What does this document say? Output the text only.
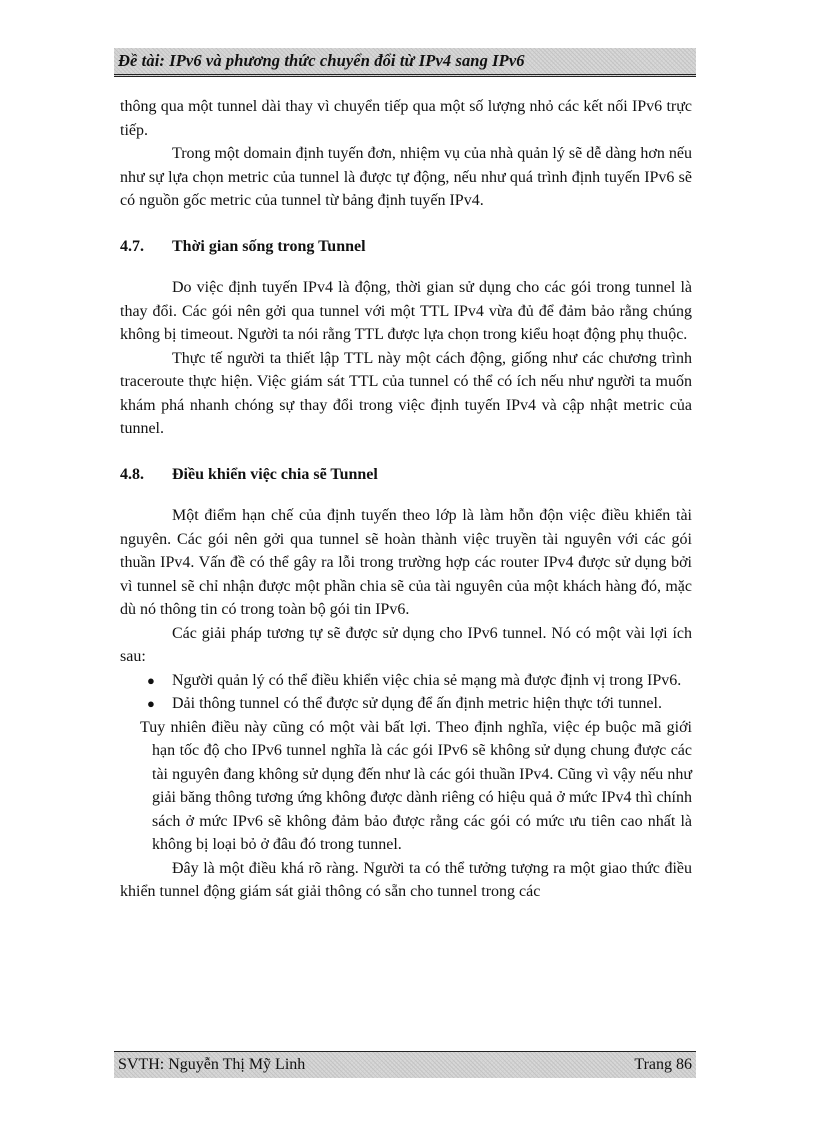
Đề tài: IPv6 và phương thức chuyển đổi từ IPv4 sang IPv6

thông qua một tunnel dài thay vì chuyển tiếp qua một số lượng nhỏ các kết nối IPv6 trực tiếp.

Trong một domain định tuyến đơn, nhiệm vụ của nhà quản lý sẽ dễ dàng hơn nếu như sự lựa chọn metric của tunnel là được tự động, nếu như quá trình định tuyến IPv6 sẽ có nguồn gốc metric của tunnel từ bảng định tuyến IPv4.

4.7. Thời gian sống trong Tunnel

Do việc định tuyến IPv4 là động, thời gian sử dụng cho các gói trong tunnel là thay đổi. Các gói nên gởi qua tunnel với một TTL IPv4 vừa đủ để đảm bảo rằng chúng không bị timeout. Người ta nói rằng TTL được lựa chọn trong kiểu hoạt động phụ thuộc.

Thực tế người ta thiết lập TTL này một cách động, giống như các chương trình traceroute thực hiện. Việc giám sát TTL của tunnel có thể có ích nếu như người ta muốn khám phá nhanh chóng sự thay đổi trong việc định tuyến IPv4 và cập nhật metric của tunnel.

4.8. Điều khiển việc chia sẽ Tunnel

Một điểm hạn chế của định tuyến theo lớp là làm hỗn độn việc điều khiển tài nguyên. Các gói nên gởi qua tunnel sẽ hoàn thành việc truyền tài nguyên với các gói thuần IPv4. Vấn đề có thể gây ra lỗi trong trường hợp các router IPv4 được sử dụng bởi vì tunnel sẽ chỉ nhận được một phần chia sẽ của tài nguyên của một khách hàng đó, mặc dù nó thông tin có trong toàn bộ gói tin IPv6.

Các giải pháp tương tự sẽ được sử dụng cho IPv6 tunnel. Nó có một vài lợi ích sau:

● Người quản lý có thể điều khiển việc chia sẻ mạng mà được định vị trong IPv6.
● Dải thông tunnel có thể được sử dụng để ấn định metric hiện thực tới tunnel.

Tuy nhiên điều này cũng có một vài bất lợi. Theo định nghĩa, việc ép buộc mã giới hạn tốc độ cho IPv6 tunnel nghĩa là các gói IPv6 sẽ không sử dụng chung được các tài nguyên đang không sử dụng đến như là các gói thuần IPv4. Cũng vì vậy nếu như giải băng thông tương ứng không được dành riêng có hiệu quả ở mức IPv4 thì chính sách ở mức IPv6 sẽ không đảm bảo được rằng các gói có mức ưu tiên cao nhất là không bị loại bỏ ở đâu đó trong tunnel.

Đây là một điều khá rõ ràng. Người ta có thể tưởng tượng ra một giao thức điều khiển tunnel động giám sát giải thông có sẵn cho tunnel trong các

SVTH: Nguyễn Thị Mỹ Linh	Trang 86
